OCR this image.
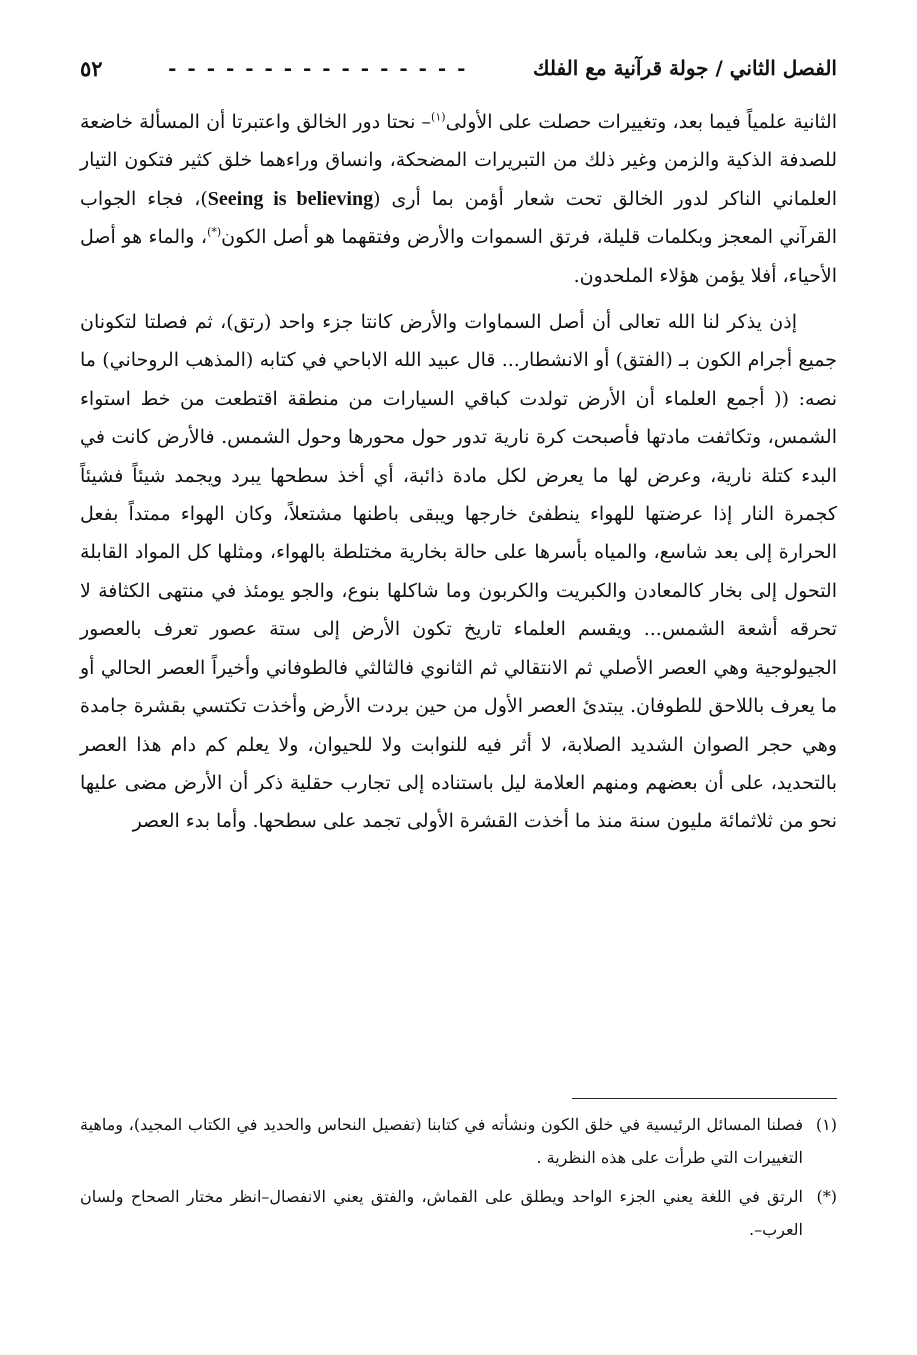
الفصل الثاني / جولة قرآنية مع الفلك
- - - - - - - - - - - - - - - -
٥٢

الثانية علمياً فيما بعد، وتغييرات حصلت على الأولى$^{(١)}$– نحتا دور الخالق واعتبرتا أن المسألة خاضعة للصدفة الذكية والزمن وغير ذلك من التبريرات المضحكة، وانساق وراءهما خلق كثير فتكون التيار العلماني الناكر لدور الخالق تحت شعار أؤمن بما أرى (Seeing is believing)، فجاء الجواب القرآني المعجز وبكلمات قليلة، فرتق السموات والأرض وفتقهما هو أصل الكون(*)، والماء هو أصل الأحياء، أفلا يؤمن هؤلاء الملحدون.

إذن يذكر لنا الله تعالى أن أصل السماوات والأرض كانتا جزء واحد (رتق)، ثم فصلتا لتكونان جميع أجرام الكون بـ (الفتق) أو الانشطار... قال عبيد الله الاباحي في كتابه (المذهب الروحاني) ما نصه: (( أجمع العلماء أن الأرض تولدت كباقي السيارات من منطقة اقتطعت من خط استواء الشمس، وتكاثفت مادتها فأصبحت كرة نارية تدور حول محورها وحول الشمس. فالأرض كانت في البدء كتلة نارية، وعرض لها ما يعرض لكل مادة ذائبة، أي أخذ سطحها يبرد ويجمد شيئاً فشيئاً كجمرة النار إذا عرضتها للهواء ينطفئ خارجها ويبقى باطنها مشتعلاً، وكان الهواء ممتداً بفعل الحرارة إلى بعد شاسع، والمياه بأسرها على حالة بخارية مختلطة بالهواء، ومثلها كل المواد القابلة التحول إلى بخار كالمعادن والكبريت والكربون وما شاكلها بنوع، والجو يومئذ في منتهى الكثافة لا تحرقه أشعة الشمس... ويقسم العلماء تاريخ تكون الأرض إلى ستة عصور تعرف بالعصور الجيولوجية وهي العصر الأصلي ثم الانتقالي ثم الثانوي فالثالثي فالطوفاني وأخيراً العصر الحالي أو ما يعرف باللاحق للطوفان. يبتدئ العصر الأول من حين بردت الأرض وأخذت تكتسي بقشرة جامدة وهي حجر الصوان الشديد الصلابة، لا أثر فيه للنوابت ولا للحيوان، ولا يعلم كم دام هذا العصر بالتحديد، على أن بعضهم ومنهم العلامة ليل باستناده إلى تجارب حقلية ذكر أن الأرض مضى عليها نحو من ثلاثمائة مليون سنة منذ ما أخذت القشرة الأولى تجمد على سطحها. وأما بدء العصر

(١)
فصلنا المسائل الرئيسية في خلق الكون ونشأته في كتابنا (تفصيل النحاس والحديد في الكتاب المجيد)، وماهية التغييرات التي طرأت على هذه النظرية .

(*)
الرتق في اللغة يعني الجزء الواحد ويطلق على القماش، والفتق يعني الانفصال–انظر مختار الصحاح ولسان العرب–.
